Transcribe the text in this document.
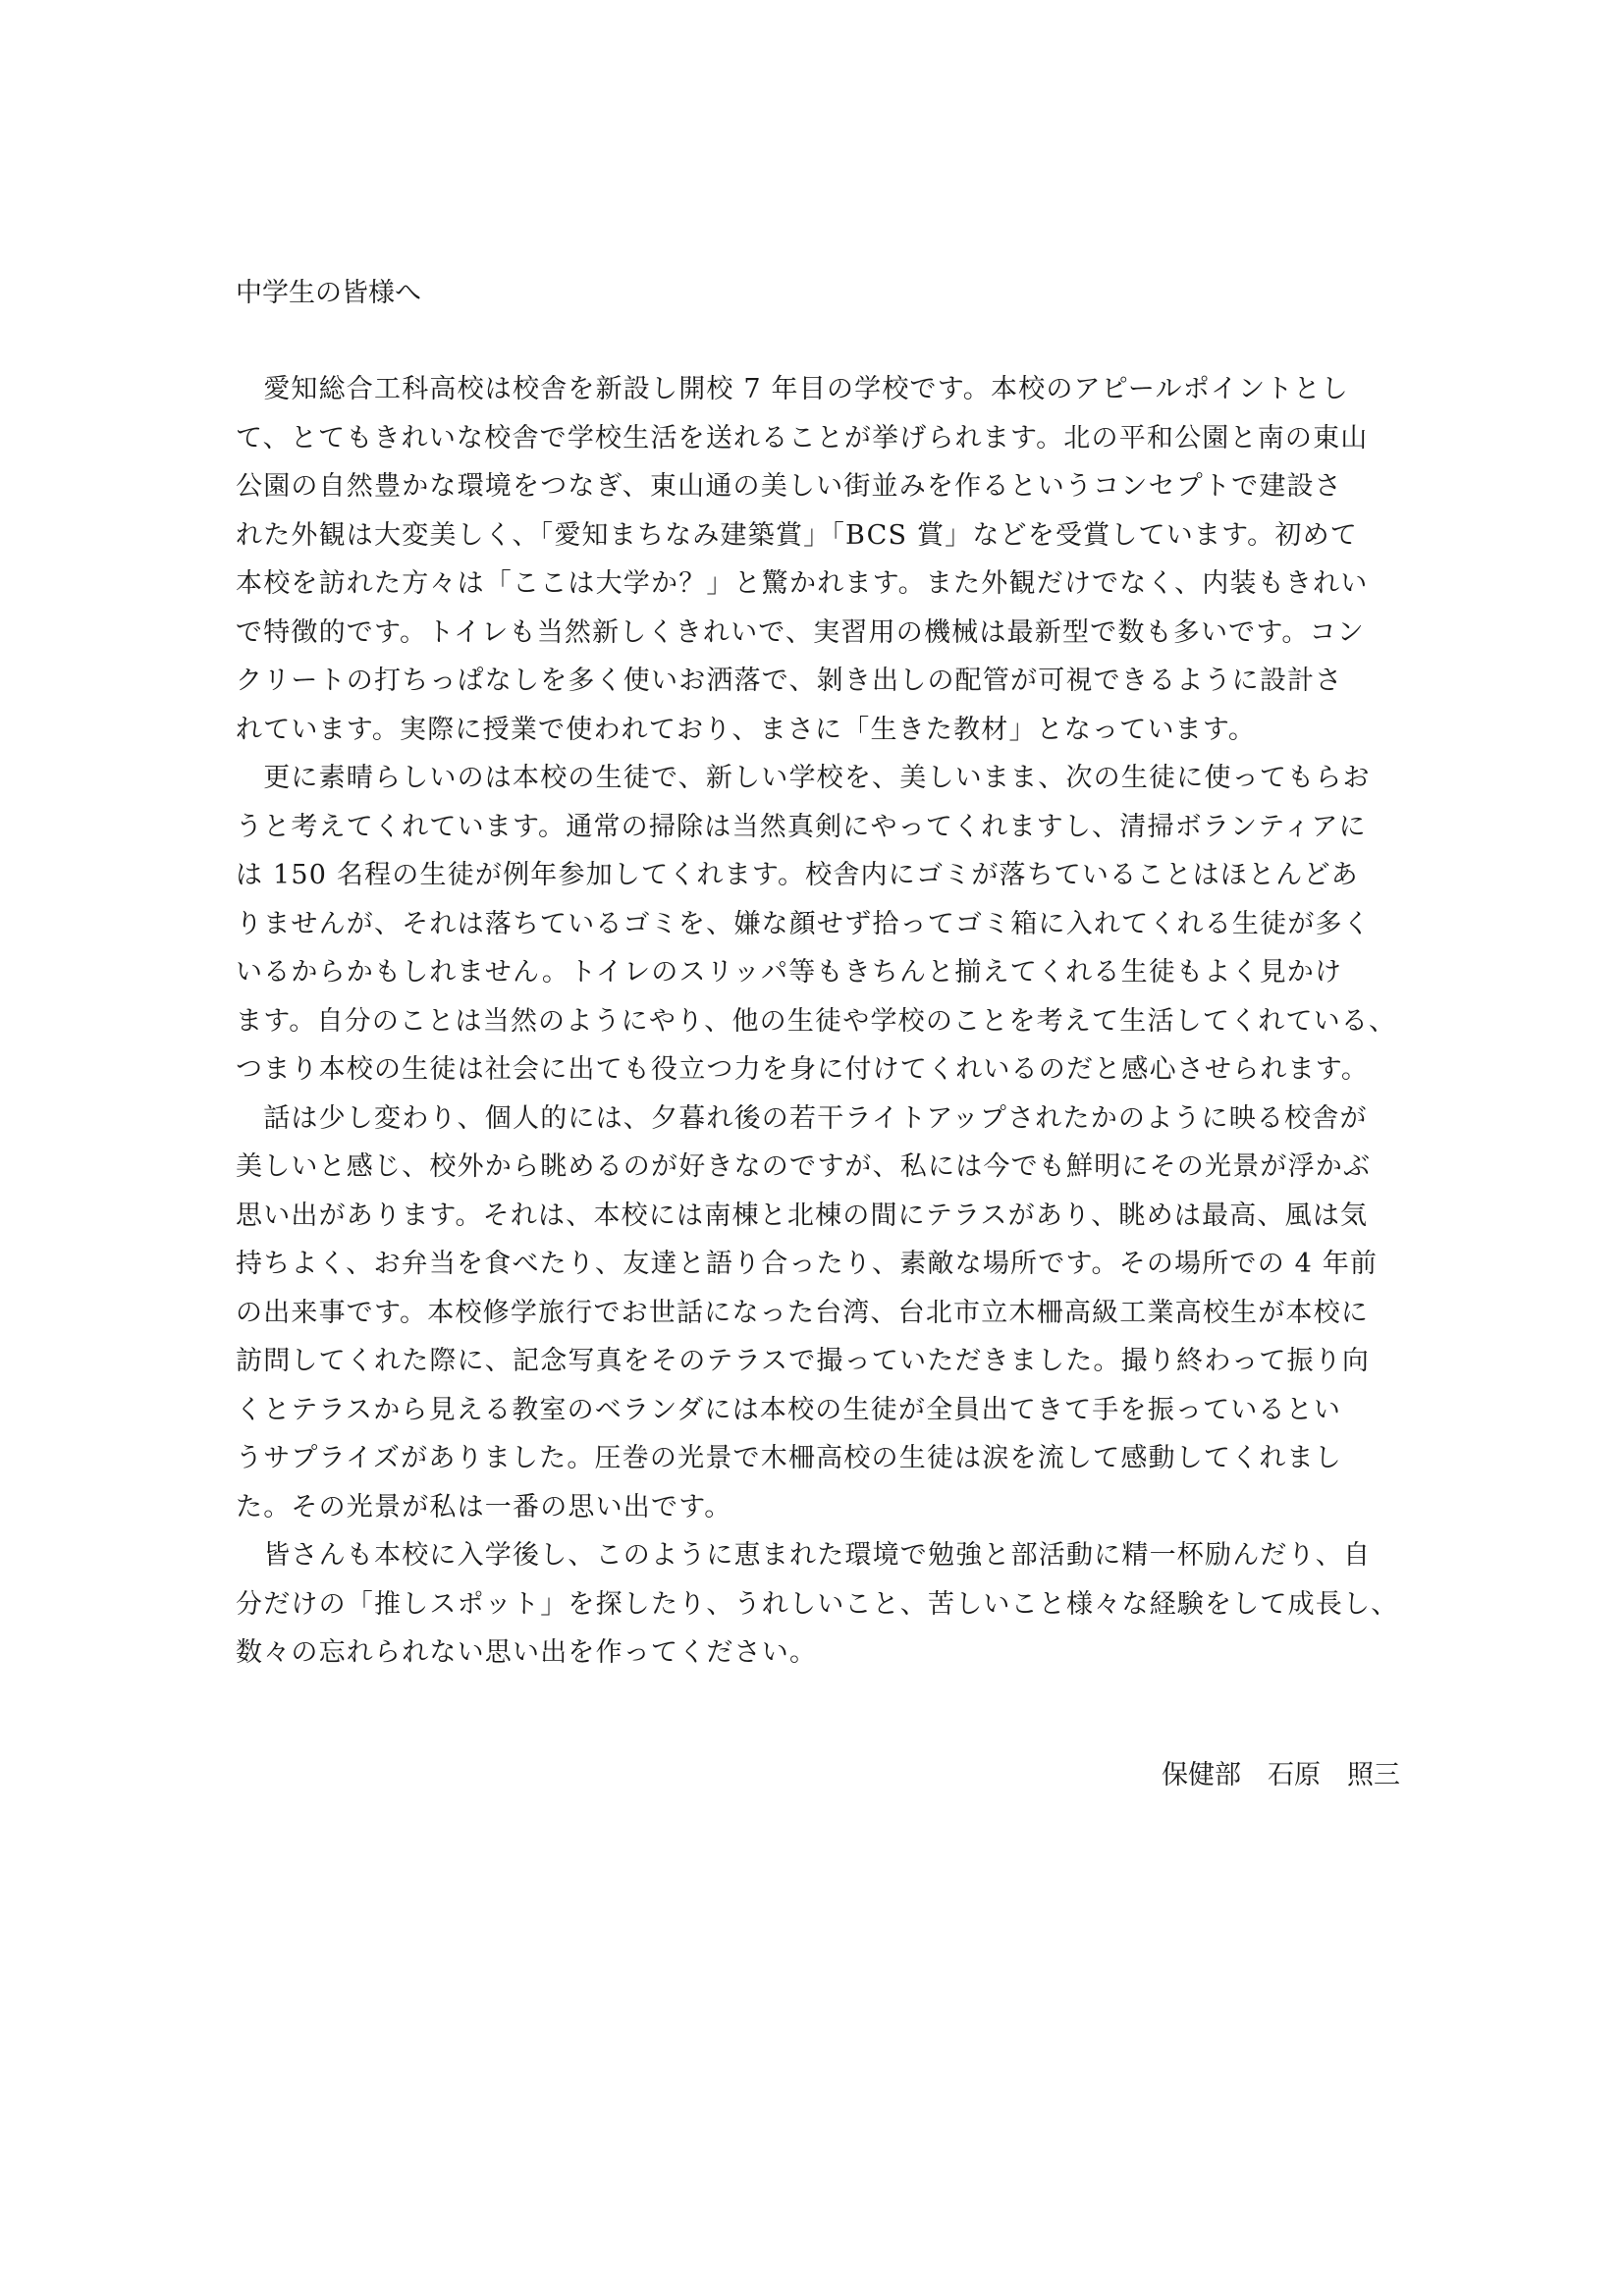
中学生の皆様へ
　愛知総合工科高校は校舎を新設し開校 7 年目の学校です。本校のアピールポイントとし
て、とてもきれいな校舎で学校生活を送れることが挙げられます。北の平和公園と南の東山
公園の自然豊かな環境をつなぎ、東山通の美しい街並みを作るというコンセプトで建設さ
れた外観は大変美しく、「愛知まちなみ建築賞」「BCS 賞」などを受賞しています。初めて
本校を訪れた方々は「ここは大学か？」と驚かれます。また外観だけでなく、内装もきれい
で特徴的です。トイレも当然新しくきれいで、実習用の機械は最新型で数も多いです。コン
クリートの打ちっぱなしを多く使いお洒落で、剝き出しの配管が可視できるように設計さ
れています。実際に授業で使われており、まさに「生きた教材」となっています。
　更に素晴らしいのは本校の生徒で、新しい学校を、美しいまま、次の生徒に使ってもらお
うと考えてくれています。通常の掃除は当然真剣にやってくれますし、清掃ボランティアに
は 150 名程の生徒が例年参加してくれます。校舎内にゴミが落ちていることはほとんどあ
りませんが、それは落ちているゴミを、嫌な顔せず拾ってゴミ箱に入れてくれる生徒が多く
いるからかもしれません。トイレのスリッパ等もきちんと揃えてくれる生徒もよく見かけ
ます。自分のことは当然のようにやり、他の生徒や学校のことを考えて生活してくれている、
つまり本校の生徒は社会に出ても役立つ力を身に付けてくれいるのだと感心させられます。
　話は少し変わり、個人的には、夕暮れ後の若干ライトアップされたかのように映る校舎が
美しいと感じ、校外から眺めるのが好きなのですが、私には今でも鮮明にその光景が浮かぶ
思い出があります。それは、本校には南棟と北棟の間にテラスがあり、眺めは最高、風は気
持ちよく、お弁当を食べたり、友達と語り合ったり、素敵な場所です。その場所での 4 年前
の出来事です。本校修学旅行でお世話になった台湾、台北市立木柵高級工業高校生が本校に
訪問してくれた際に、記念写真をそのテラスで撮っていただきました。撮り終わって振り向
くとテラスから見える教室のベランダには本校の生徒が全員出てきて手を振っているとい
うサプライズがありました。圧巻の光景で木柵高校の生徒は涙を流して感動してくれまし
た。その光景が私は一番の思い出です。
　皆さんも本校に入学後し、このように恵まれた環境で勉強と部活動に精一杯励んだり、自
分だけの「推しスポット」を探したり、うれしいこと、苦しいこと様々な経験をして成長し、
数々の忘れられない思い出を作ってください。
保健部　石原　照三
